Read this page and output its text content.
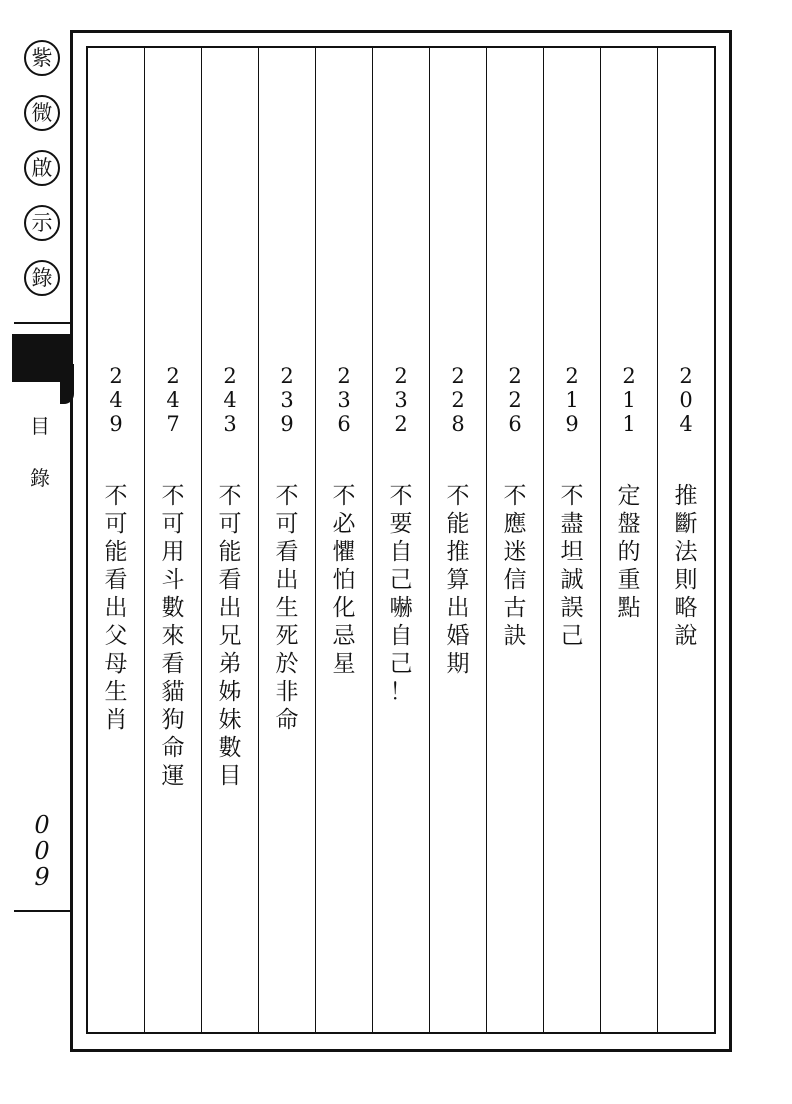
紫
微
啟
示
錄
目
錄
0
0
9
2
4
9
不
可
能
看
出
父
母
生
肖
2
4
7
不
可
用
斗
數
來
看
貓
狗
命
運
2
4
3
不
可
能
看
出
兄
弟
姊
妹
數
目
2
3
9
不
可
看
出
生
死
於
非
命
2
3
6
不
必
懼
怕
化
忌
星
2
3
2
不
要
自
己
嚇
自
己
！
2
2
8
不
能
推
算
出
婚
期
2
2
6
不
應
迷
信
古
訣
2
1
9
不
盡
坦
誠
誤
己
2
1
1
定
盤
的
重
點
2
0
4
推
斷
法
則
略
說
